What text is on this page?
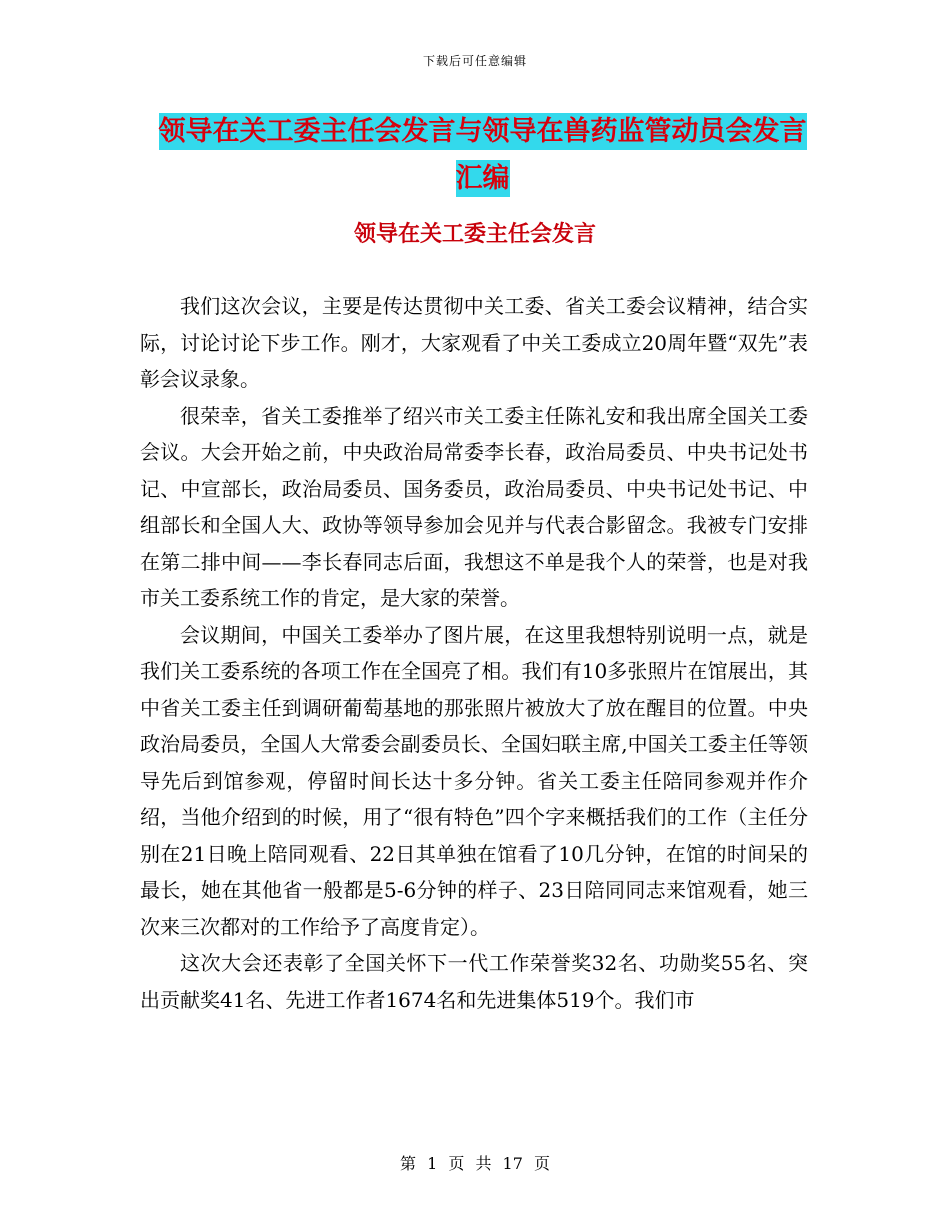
下载后可任意编辑
领导在关工委主任会发言与领导在兽药监管动员会发言汇编
领导在关工委主任会发言

我们这次会议，主要是传达贯彻中关工委、省关工委会议精神，结合实际，讨论讨论下步工作。刚才，大家观看了中关工委成立20周年暨“双先”表彰会议录象。

很荣幸，省关工委推举了绍兴市关工委主任陈礼安和我出席全国关工委会议。大会开始之前，中央政治局常委李长春，政治局委员、中央书记处书记、中宣部长，政治局委员、国务委员，政治局委员、中央书记处书记、中组部长和全国人大、政协等领导参加会见并与代表合影留念。我被专门安排在第二排中间——李长春同志后面，我想这不单是我个人的荣誉，也是对我市关工委系统工作的肯定，是大家的荣誉。

会议期间，中国关工委举办了图片展，在这里我想特别说明一点，就是我们关工委系统的各项工作在全国亮了相。我们有10多张照片在馆展出，其中省关工委主任到调研葡萄基地的那张照片被放大了放在醒目的位置。中央政治局委员，全国人大常委会副委员长、全国妇联主席,中国关工委主任等领导先后到馆参观，停留时间长达十多分钟。省关工委主任陪同参观并作介绍，当他介绍到的时候，用了“很有特色”四个字来概括我们的工作（主任分别在21日晚上陪同观看、22日其单独在馆看了10几分钟，在馆的时间呆的最长，她在其他省一般都是5-6分钟的样子、23日陪同同志来馆观看，她三次来三次都对的工作给予了高度肯定）。

这次大会还表彰了全国关怀下一代工作荣誉奖32名、功勋奖55名、突出贡献奖41名、先进工作者1674名和先进集体519个。我们市

第 1 页 共 17 页
